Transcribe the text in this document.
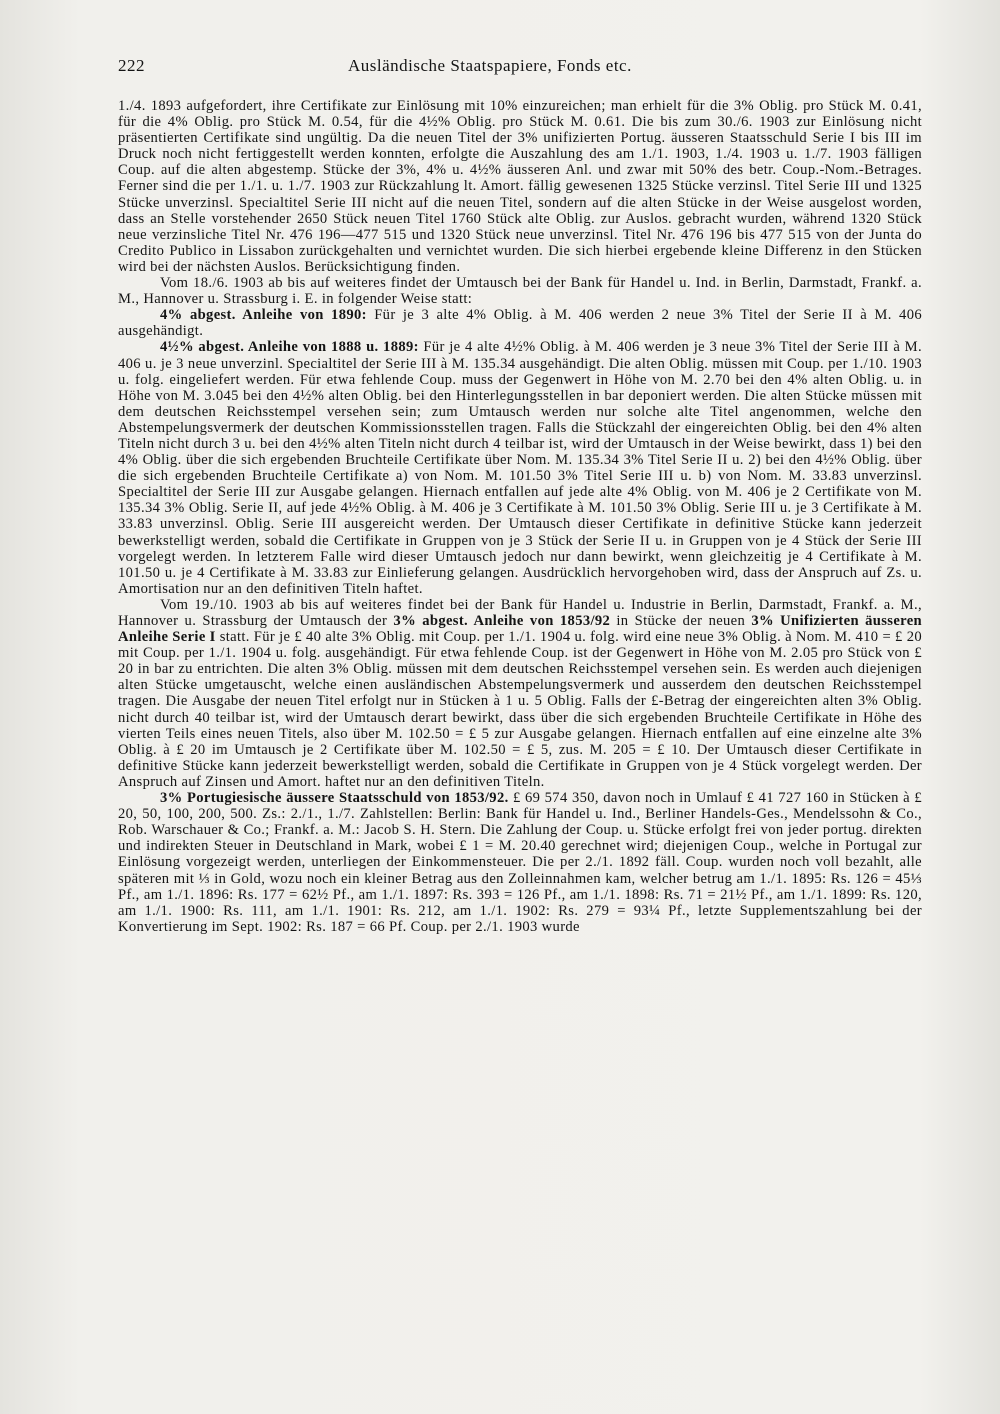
222	Ausländische Staatspapiere, Fonds etc.

1./4. 1893 aufgefordert, ihre Certifikate zur Einlösung mit 10% einzureichen; man erhielt für die 3% Oblig. pro Stück M. 0.41, für die 4% Oblig. pro Stück M. 0.54, für die 4½% Oblig. pro Stück M. 0.61. Die bis zum 30./6. 1903 zur Einlösung nicht präsentierten Certifikate sind ungültig. Da die neuen Titel der 3% unifizierten Portug. äusseren Staatsschuld Serie I bis III im Druck noch nicht fertiggestellt werden konnten, erfolgte die Auszahlung des am 1./1. 1903, 1./4. 1903 u. 1./7. 1903 fälligen Coup. auf die alten abgestemp. Stücke der 3%, 4% u. 4½% äusseren Anl. und zwar mit 50% des betr. Coup.-Nom.-Betrages. Ferner sind die per 1./1. u. 1./7. 1903 zur Rückzahlung lt. Amort. fällig gewesenen 1325 Stücke verzinsl. Titel Serie III und 1325 Stücke unverzinsl. Specialtitel Serie III nicht auf die neuen Titel, sondern auf die alten Stücke in der Weise ausgelost worden, dass an Stelle vorstehender 2650 Stück neuen Titel 1760 Stück alte Oblig. zur Auslos. gebracht wurden, während 1320 Stück neue verzinsliche Titel Nr. 476 196—477 515 und 1320 Stück neue unverzinsl. Titel Nr. 476 196 bis 477 515 von der Junta do Credito Publico in Lissabon zurückgehalten und vernichtet wurden. Die sich hierbei ergebende kleine Differenz in den Stücken wird bei der nächsten Auslos. Berücksichtigung finden.

Vom 18./6. 1903 ab bis auf weiteres findet der Umtausch bei der Bank für Handel u. Ind. in Berlin, Darmstadt, Frankf. a. M., Hannover u. Strassburg i. E. in folgender Weise statt:

4% abgest. Anleihe von 1890: Für je 3 alte 4% Oblig. à M. 406 werden 2 neue 3% Titel der Serie II à M. 406 ausgehändigt.

4½% abgest. Anleihe von 1888 u. 1889: Für je 4 alte 4½% Oblig. à M. 406 werden je 3 neue 3% Titel der Serie III à M. 406 u. je 3 neue unverzinl. Specialtitel der Serie III à M. 135.34 ausgehändigt. Die alten Oblig. müssen mit Coup. per 1./10. 1903 u. folg. eingeliefert werden. Für etwa fehlende Coup. muss der Gegenwert in Höhe von M. 2.70 bei den 4% alten Oblig. u. in Höhe von M. 3.045 bei den 4½% alten Oblig. bei den Hinterlegungsstellen in bar deponiert werden. Die alten Stücke müssen mit dem deutschen Reichsstempel versehen sein; zum Umtausch werden nur solche alte Titel angenommen, welche den Abstempelungsvermerk der deutschen Kommissionsstellen tragen. Falls die Stückzahl der eingereichten Oblig. bei den 4% alten Titeln nicht durch 3 u. bei den 4½% alten Titeln nicht durch 4 teilbar ist, wird der Umtausch in der Weise bewirkt, dass 1) bei den 4% Oblig. über die sich ergebenden Bruchteile Certifikate über Nom. M. 135.34 3% Titel Serie II u. 2) bei den 4½% Oblig. über die sich ergebenden Bruchteile Certifikate a) von Nom. M. 101.50 3% Titel Serie III u. b) von Nom. M. 33.83 unverzinsl. Specialtitel der Serie III zur Ausgabe gelangen. Hiernach entfallen auf jede alte 4% Oblig. von M. 406 je 2 Certifikate von M. 135.34 3% Oblig. Serie II, auf jede 4½% Oblig. à M. 406 je 3 Certifikate à M. 101.50 3% Oblig. Serie III u. je 3 Certifikate à M. 33.83 unverzinsl. Oblig. Serie III ausgereicht werden. Der Umtausch dieser Certifikate in definitive Stücke kann jederzeit bewerkstelligt werden, sobald die Certifikate in Gruppen von je 3 Stück der Serie II u. in Gruppen von je 4 Stück der Serie III vorgelegt werden. In letzterem Falle wird dieser Umtausch jedoch nur dann bewirkt, wenn gleichzeitig je 4 Certifikate à M. 101.50 u. je 4 Certifikate à M. 33.83 zur Einlieferung gelangen. Ausdrücklich hervorgehoben wird, dass der Anspruch auf Zs. u. Amortisation nur an den definitiven Titeln haftet.

Vom 19./10. 1903 ab bis auf weiteres findet bei der Bank für Handel u. Industrie in Berlin, Darmstadt, Frankf. a. M., Hannover u. Strassburg der Umtausch der 3% abgest. Anleihe von 1853/92 in Stücke der neuen 3% Unifizierten äusseren Anleihe Serie I statt. Für je £ 40 alte 3% Oblig. mit Coup. per 1./1. 1904 u. folg. wird eine neue 3% Oblig. à Nom. M. 410 = £ 20 mit Coup. per 1./1. 1904 u. folg. ausgehändigt. Für etwa fehlende Coup. ist der Gegenwert in Höhe von M. 2.05 pro Stück von £ 20 in bar zu entrichten. Die alten 3% Oblig. müssen mit dem deutschen Reichsstempel versehen sein. Es werden auch diejenigen alten Stücke umgetauscht, welche einen ausländischen Abstempelungsvermerk und ausserdem den deutschen Reichsstempel tragen. Die Ausgabe der neuen Titel erfolgt nur in Stücken à 1 u. 5 Oblig. Falls der £-Betrag der eingereichten alten 3% Oblig. nicht durch 40 teilbar ist, wird der Umtausch derart bewirkt, dass über die sich ergebenden Bruchteile Certifikate in Höhe des vierten Teils eines neuen Titels, also über M. 102.50 = £ 5 zur Ausgabe gelangen. Hiernach entfallen auf eine einzelne alte 3% Oblig. à £ 20 im Umtausch je 2 Certifikate über M. 102.50 = £ 5, zus. M. 205 = £ 10. Der Umtausch dieser Certifikate in definitive Stücke kann jederzeit bewerkstelligt werden, sobald die Certifikate in Gruppen von je 4 Stück vorgelegt werden. Der Anspruch auf Zinsen und Amort. haftet nur an den definitiven Titeln.

3% Portugiesische äussere Staatsschuld von 1853/92. £ 69 574 350, davon noch in Umlauf £ 41 727 160 in Stücken à £ 20, 50, 100, 200, 500. Zs.: 2./1., 1./7. Zahlstellen: Berlin: Bank für Handel u. Ind., Berliner Handels-Ges., Mendelssohn & Co., Rob. Warschauer & Co.; Frankf. a. M.: Jacob S. H. Stern. Die Zahlung der Coup. u. Stücke erfolgt frei von jeder portug. direkten und indirekten Steuer in Deutschland in Mark, wobei £ 1 = M. 20.40 gerechnet wird; diejenigen Coup., welche in Portugal zur Einlösung vorgezeigt werden, unterliegen der Einkommensteuer. Die per 2./1. 1892 fäll. Coup. wurden noch voll bezahlt, alle späteren mit ⅓ in Gold, wozu noch ein kleiner Betrag aus den Zolleinnahmen kam, welcher betrug am 1./1. 1895: Rs. 126 = 45⅓ Pf., am 1./1. 1896: Rs. 177 = 62½ Pf., am 1./1. 1897: Rs. 393 = 126 Pf., am 1./1. 1898: Rs. 71 = 21½ Pf., am 1./1. 1899: Rs. 120, am 1./1. 1900: Rs. 111, am 1./1. 1901: Rs. 212, am 1./1. 1902: Rs. 279 = 93¼ Pf., letzte Supplementszahlung bei der Konvertierung im Sept. 1902: Rs. 187 = 66 Pf. Coup. per 2./1. 1903 wurde
